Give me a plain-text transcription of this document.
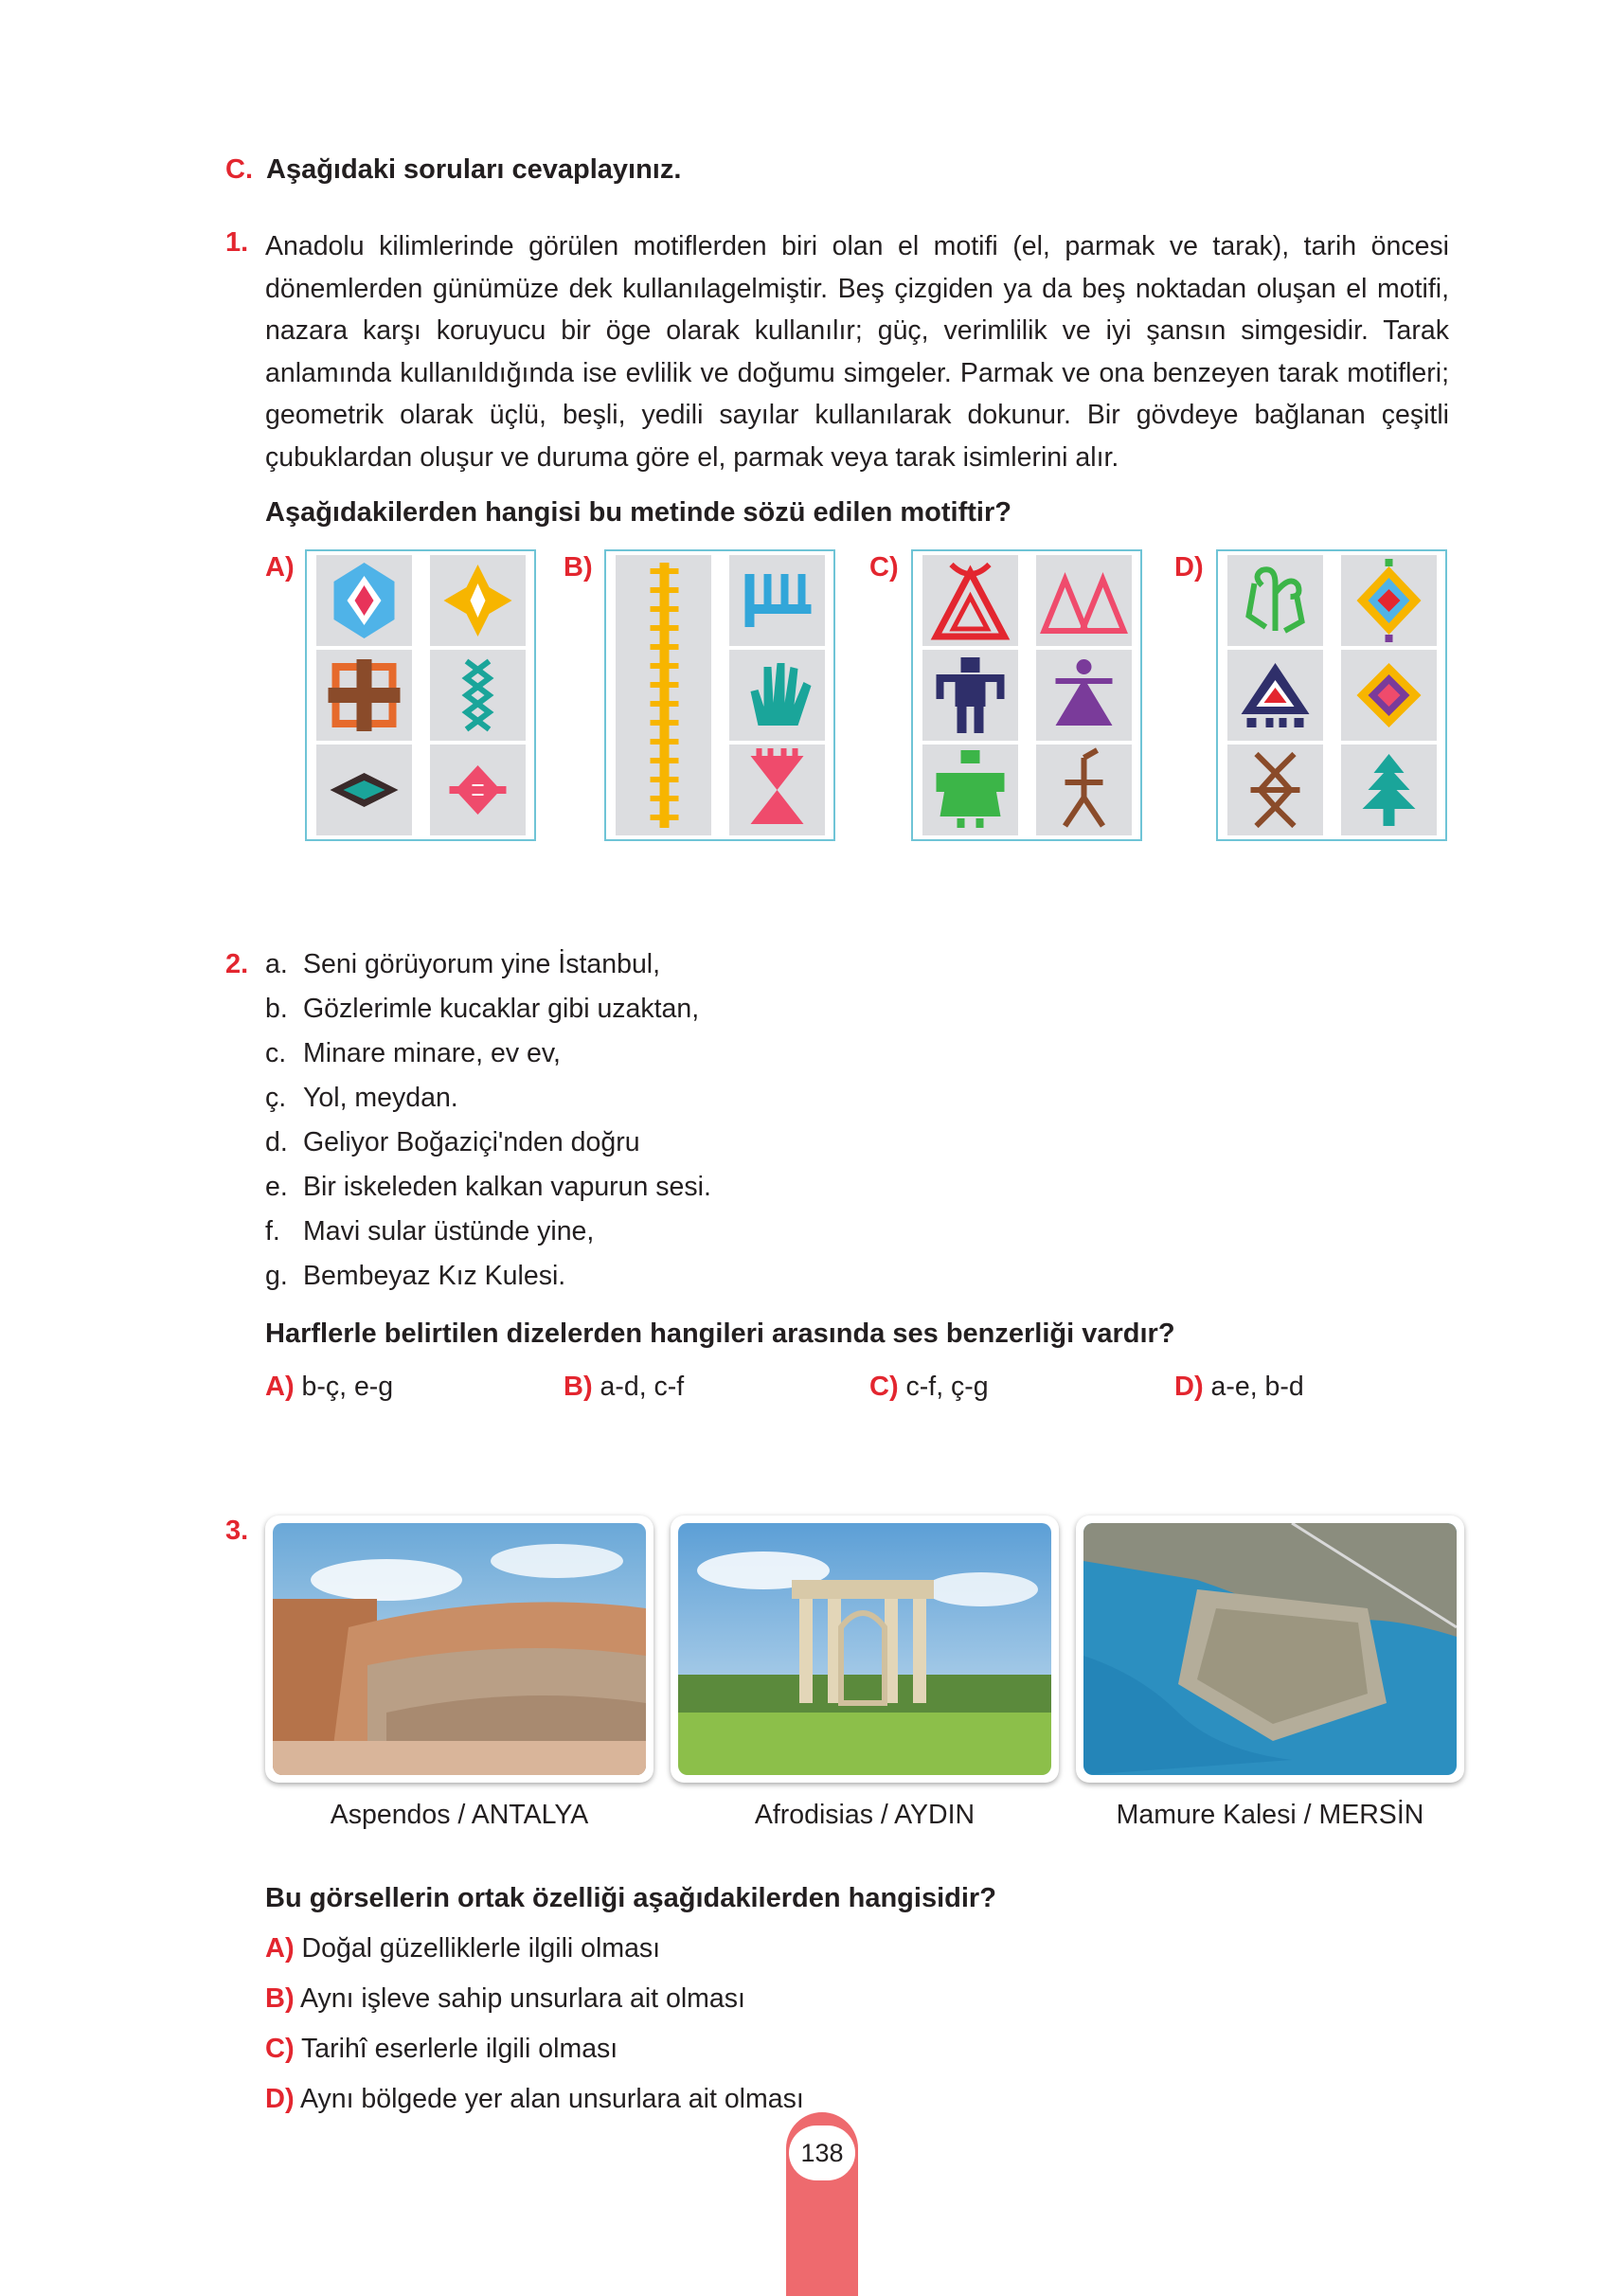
C. Aşağıdaki soruları cevaplayınız.
1. Anadolu kilimlerinde görülen motiflerden biri olan el motifi (el, parmak ve tarak), tarih öncesi dönemlerden günümüze dek kullanılagelmiştir. Beş çizgiden ya da beş noktadan oluşan el motifi, nazara karşı koruyucu bir öge olarak kullanılır; güç, verimlilik ve iyi şansın simgesidir. Tarak anlamında kullanıldığında ise evlilik ve doğumu simgeler. Parmak ve ona benzeyen tarak motifleri; geometrik olarak üçlü, beşli, yedili sayılar kullanılarak dokunur. Bir gövdeye bağlanan çeşitli çubuklardan oluşur ve duruma göre el, parmak veya tarak isimlerini alır.
Aşağıdakilerden hangisi bu metinde sözü edilen motiftir?
A)	B)	C)	D)
2. a. Seni görüyorum yine İstanbul,
b. Gözlerimle kucaklar gibi uzaktan,
c. Minare minare, ev ev,
ç. Yol, meydan.
d. Geliyor Boğaziçi'nden doğru
e. Bir iskeleden kalkan vapurun sesi.
f. Mavi sular üstünde yine,
g. Bembeyaz Kız Kulesi.
Harflerle belirtilen dizelerden hangileri arasında ses benzerliği vardır?
A) b-ç, e-g	B) a-d, c-f	C) c-f, ç-g	D) a-e, b-d
3.
Aspendos / ANTALYA	Afrodisias / AYDIN	Mamure Kalesi / MERSİN
Bu görsellerin ortak özelliği aşağıdakilerden hangisidir?
A) Doğal güzelliklerle ilgili olması
B) Aynı işleve sahip unsurlara ait olması
C) Tarihî eserlerle ilgili olması
D) Aynı bölgede yer alan unsurlara ait olması
138
